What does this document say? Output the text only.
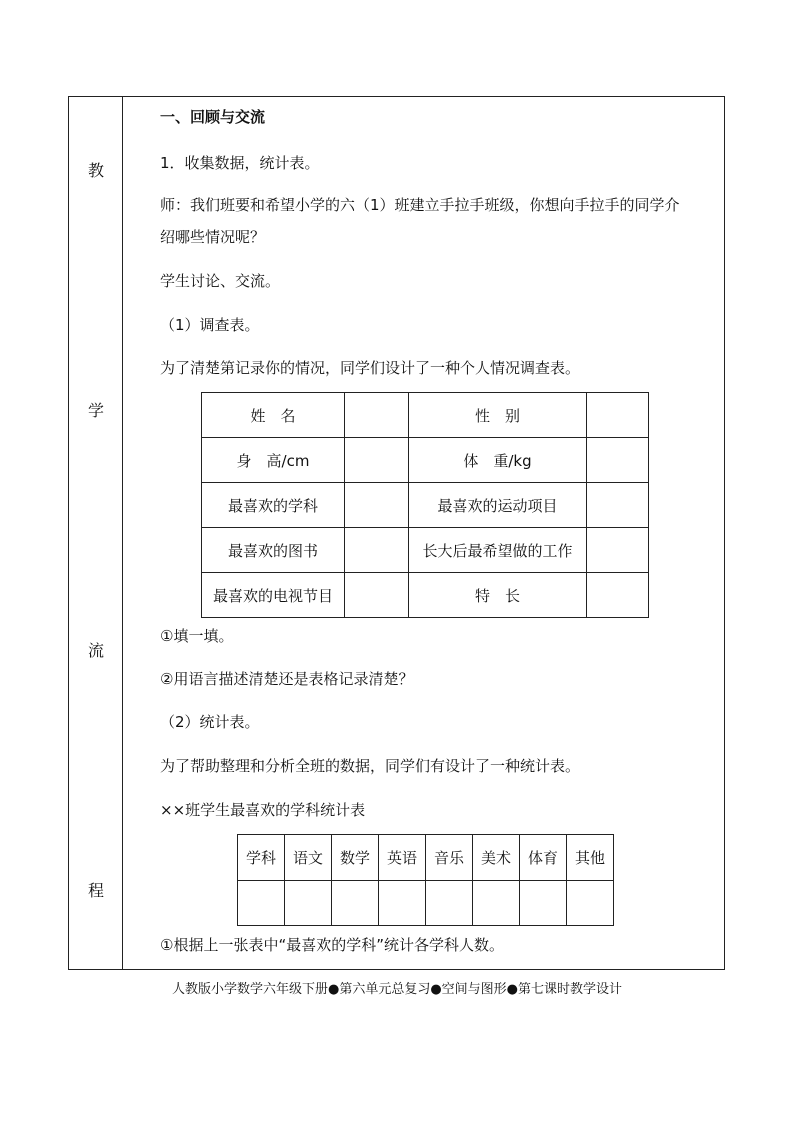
教
学
流
程
一、回顾与交流
1．收集数据，统计表。
师：我们班要和希望小学的六（1）班建立手拉手班级，你想向手拉手的同学介
绍哪些情况呢？
学生讨论、交流。
（1）调查表。
为了清楚第记录你的情况，同学们设计了一种个人情况调查表。
姓　名		性　别	
身　高/cm		体　重/kg	
最喜欢的学科		最喜欢的运动项目	
最喜欢的图书		长大后最希望做的工作	
最喜欢的电视节目		特　长	
①填一填。
②用语言描述清楚还是表格记录清楚？
（2）统计表。
为了帮助整理和分析全班的数据，同学们有设计了一种统计表。
××班学生最喜欢的学科统计表
学科	语文	数学	英语	音乐	美术	体育	其他

①根据上一张表中“最喜欢的学科”统计各学科人数。
人教版小学数学六年级下册●第六单元总复习●空间与图形●第七课时教学设计
